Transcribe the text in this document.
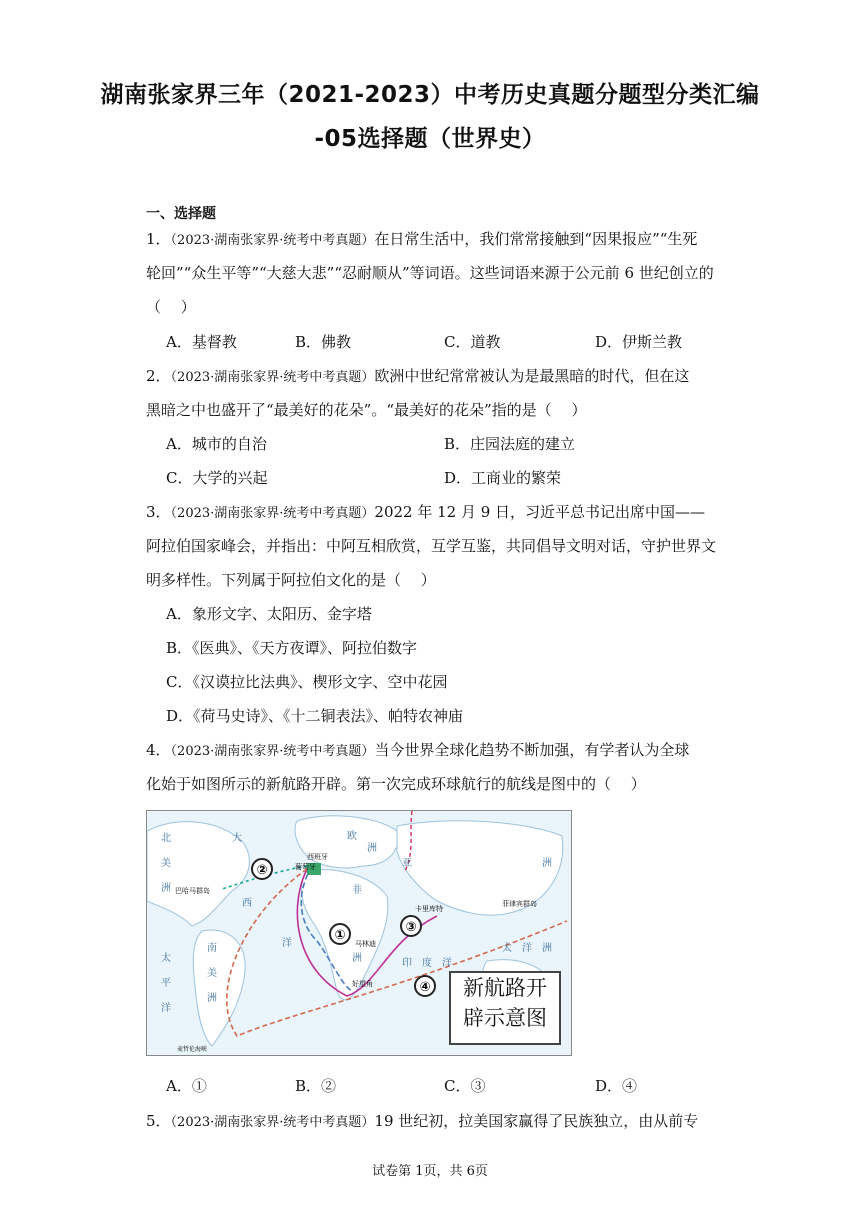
湖南张家界三年（2021-2023）中考历史真题分题型分类汇编
-05选择题（世界史）
一、选择题
1．（2023·湖南张家界·统考中考真题）在日常生活中，我们常常接触到“因果报应”“生死
轮回”“众生平等”“大慈大悲”“忍耐顺从”等词语。这些词语来源于公元前 6 世纪创立的
（　 ）
A．基督教	B．佛教	C．道教	D．伊斯兰教
2．（2023·湖南张家界·统考中考真题）欧洲中世纪常常被认为是最黑暗的时代，但在这
黑暗之中也盛开了“最美好的花朵”。“最美好的花朵”指的是（　 ）
A．城市的自治	B．庄园法庭的建立
C．大学的兴起	D．工商业的繁荣
3．（2023·湖南张家界·统考中考真题）2022 年 12 月 9 日，习近平总书记出席中国——
阿拉伯国家峰会，并指出：中阿互相欣赏，互学互鉴，共同倡导文明对话，守护世界文
明多样性。下列属于阿拉伯文化的是（　 ）
A．象形文字、太阳历、金字塔
B．《医典》、《天方夜谭》、阿拉伯数字
C．《汉谟拉比法典》、楔形文字、空中花园
D．《荷马史诗》、《十二铜表法》、帕特农神庙
4．（2023·湖南张家界·统考中考真题）当今世界全球化趋势不断加强，有学者认为全球
化始于如图所示的新航路开辟。第一次完成环球航行的航线是图中的（　 ）
①
②
③
④
西班牙
葡萄牙
巴哈马群岛
卡里库特
马林迪
好望角
菲律宾群岛
麦哲伦海峡
北
美
洲
南
美
洲
欧
洲
非
洲
亚	洲
大
西
洋
印 度 洋
太
平
洋
太 洋 洲
新航路开
辟示意图
A．①	B．②	C．③	D．④
5．（2023·湖南张家界·统考中考真题）19 世纪初，拉美国家赢得了民族独立，由从前专
试卷第 1页，共 6页
